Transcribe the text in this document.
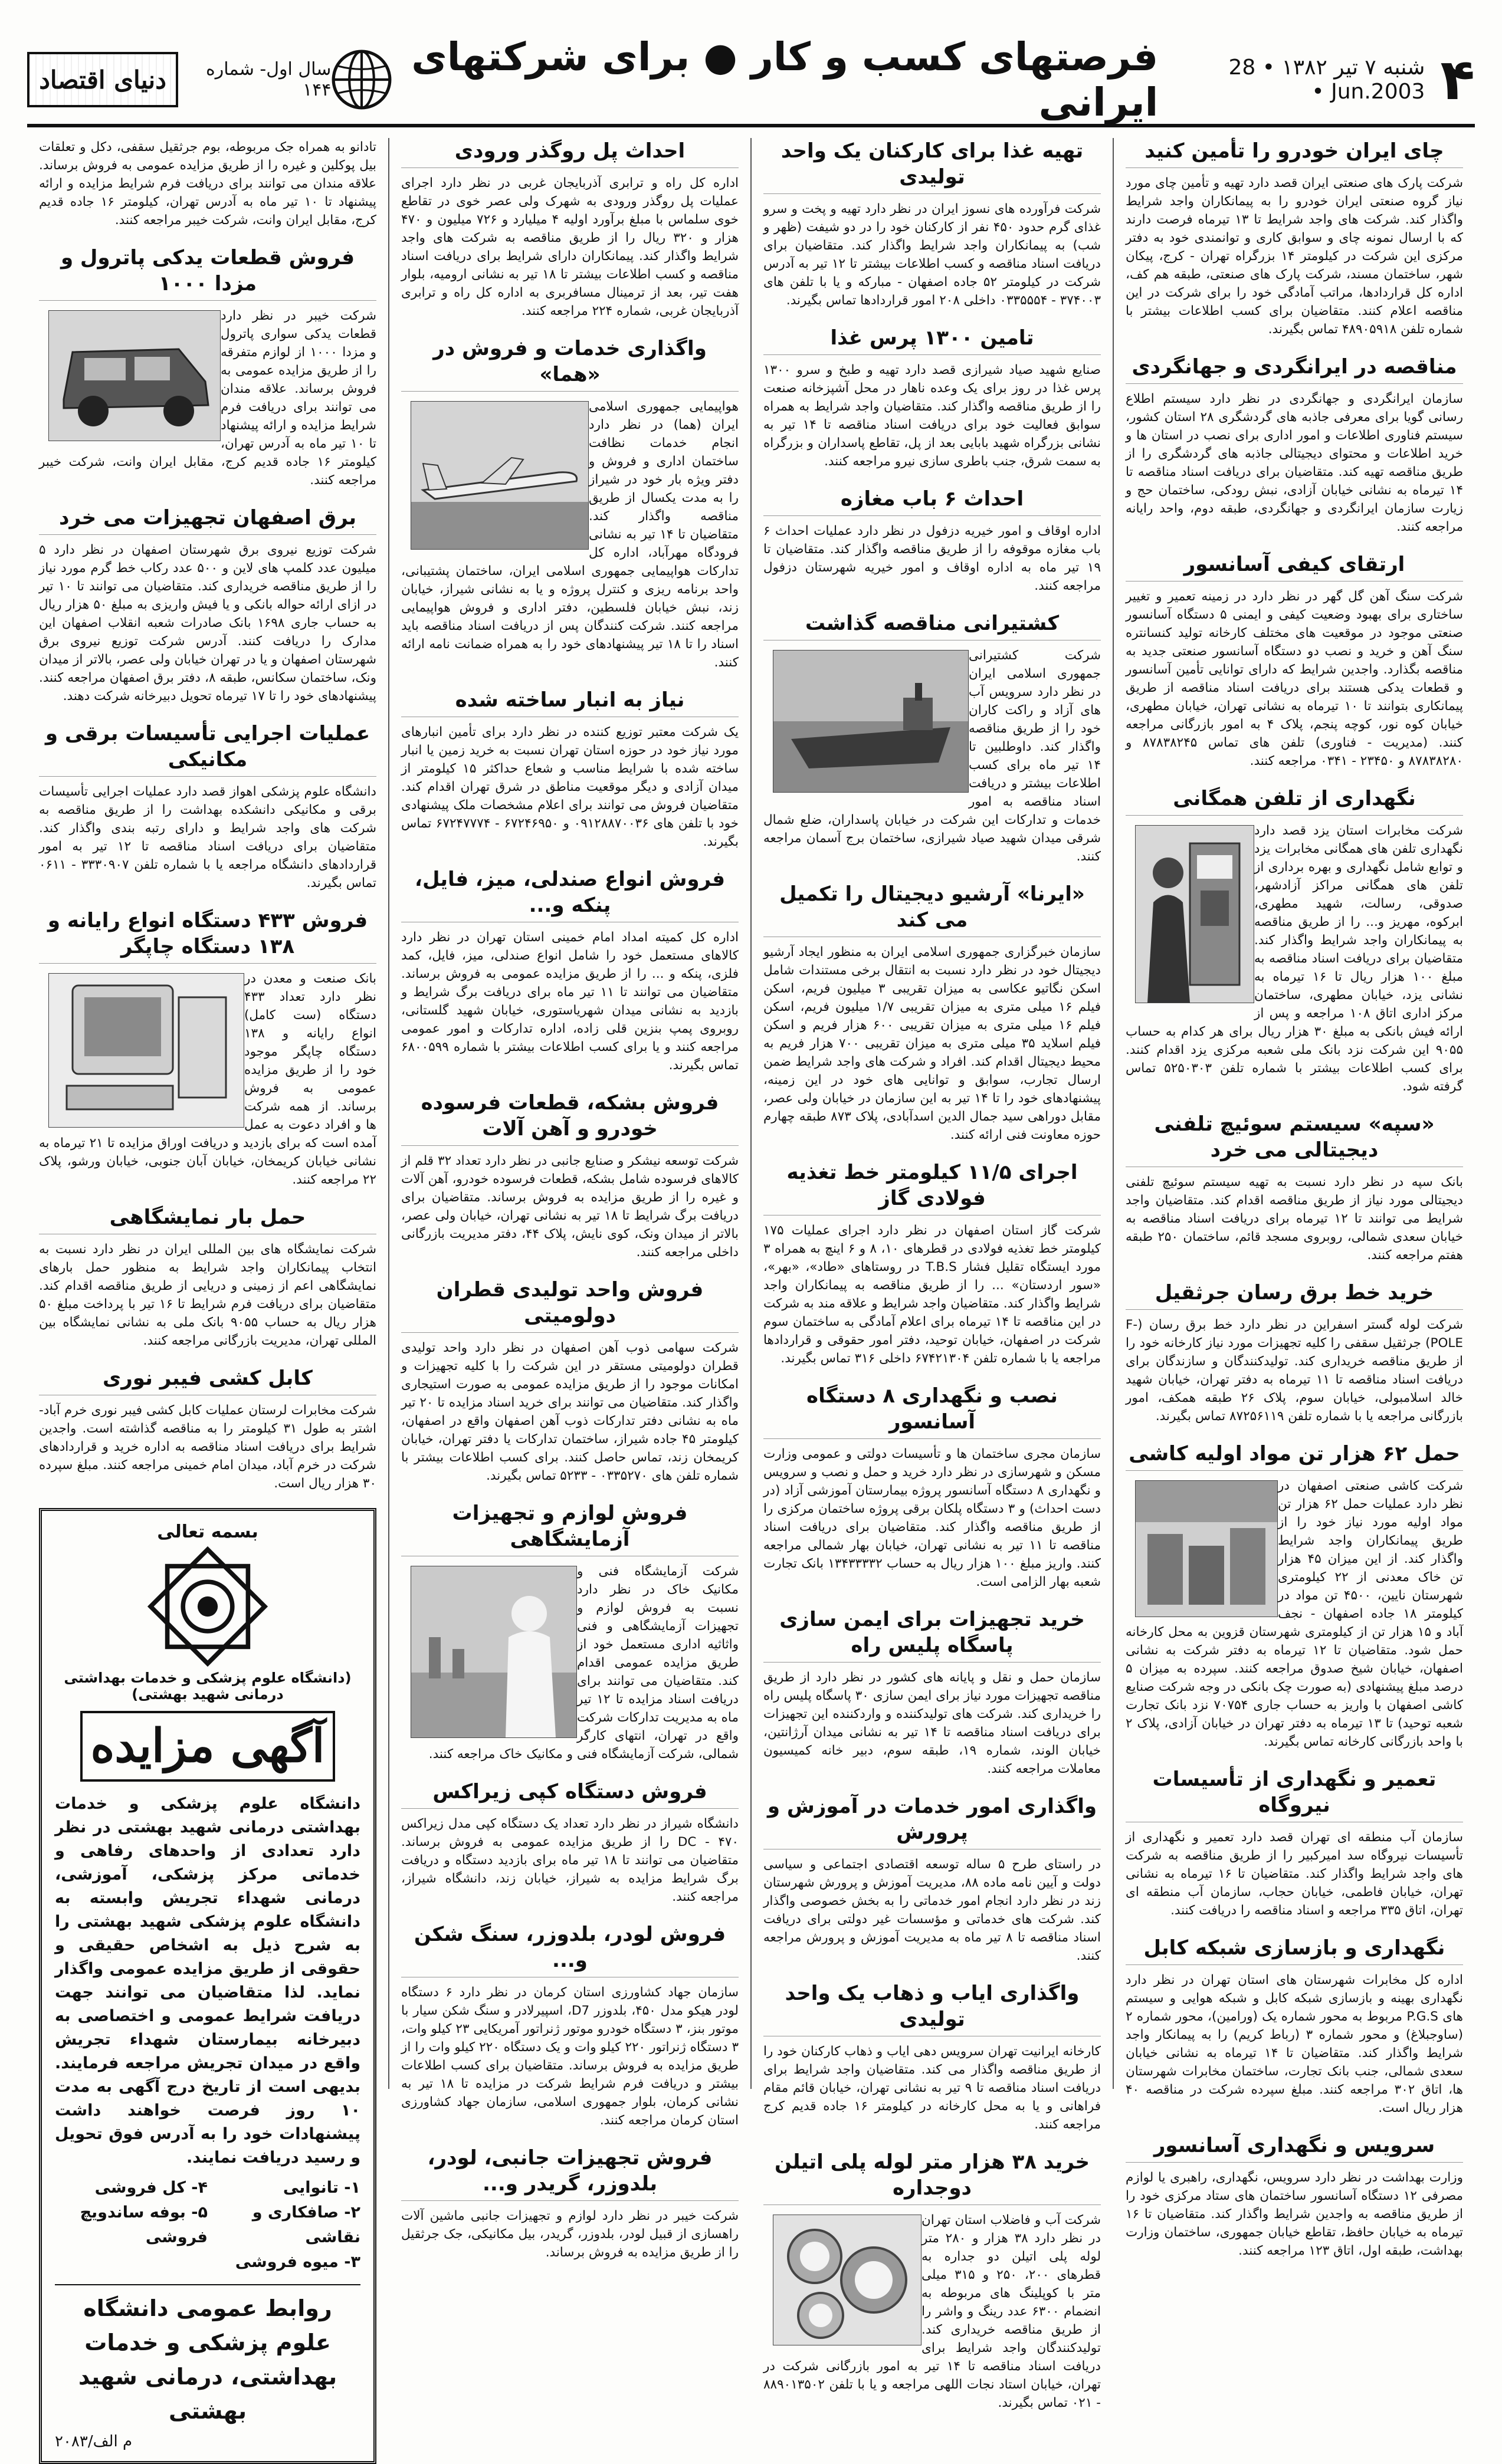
۴
شنبه ۷ تیر ۱۳۸۲ • 28 Jun.2003 •
فرصتهای کسب و کار ● برای شرکتهای ایرانی
سال اول- شماره ۱۴۴
دنیای اقتصاد
چای ایران خودرو را تأمین کنید

شرکت پارک های صنعتی ایران قصد دارد تهیه و تأمین چای مورد نیاز گروه صنعتی ایران خودرو را به پیمانکاران واجد شرایط واگذار کند. شرکت های واجد شرایط تا ۱۳ تیرماه فرصت دارند که با ارسال نمونه چای و سوابق کاری و توانمندی خود به دفتر مرکزی این شرکت در کیلومتر ۱۴ بزرگراه تهران - کرج، پیکان شهر، ساختمان مسند، شرکت پارک های صنعتی، طبقه هم کف، اداره کل قراردادها، مراتب آمادگی خود را برای شرکت در این مناقصه اعلام کنند. متقاضیان برای کسب اطلاعات بیشتر با شماره تلفن ۴۸۹۰۵۹۱۸ تماس بگیرند.

مناقصه در ایرانگردی و جهانگردی

سازمان ایرانگردی و جهانگردی در نظر دارد سیستم اطلاع رسانی گویا برای معرفی جاذبه های گردشگری ۲۸ استان کشور، سیستم فناوری اطلاعات و امور اداری برای نصب در استان ها و خرید اطلاعات و محتوای دیجیتالی جاذبه های گردشگری را از طریق مناقصه تهیه کند. متقاضیان برای دریافت اسناد مناقصه تا ۱۴ تیرماه به نشانی خیابان آزادی، نبش رودکی، ساختمان حج و زیارت سازمان ایرانگردی و جهانگردی، طبقه دوم، واحد رایانه مراجعه کنند.

ارتقای کیفی آسانسور

شرکت سنگ آهن گل گهر در نظر دارد در زمینه تعمیر و تغییر ساختاری برای بهبود وضعیت کیفی و ایمنی ۵ دستگاه آسانسور صنعتی موجود در موقعیت های مختلف کارخانه تولید کنسانتره سنگ آهن و خرید و نصب دو دستگاه آسانسور صنعتی جدید به مناقصه بگذارد. واجدین شرایط که دارای توانایی تأمین آسانسور و قطعات یدکی هستند برای دریافت اسناد مناقصه از طریق پیمانکاری بتوانند تا ۱۰ تیرماه به نشانی تهران، خیابان مطهری، خیابان کوه نور، کوچه پنجم، پلاک ۴ به امور بازرگانی مراجعه کنند. (مدیریت - فناوری) تلفن های تماس ۸۷۸۳۸۲۴۵ و ۸۷۸۳۸۲۸۰ و ۲۳۴۵۰ - ۰۳۴۱ مراجعه کنند.

نگهداری از تلفن همگانی

شرکت مخابرات استان یزد قصد دارد نگهداری تلفن های همگانی مخابرات یزد و توابع شامل نگهداری و بهره برداری از تلفن های همگانی مراکز آزادشهر، صدوقی، رسالت، شهید مطهری، ابرکوه، مهریز و... را از طریق مناقصه به پیمانکاران واجد شرایط واگذار کند. متقاضیان برای دریافت اسناد مناقصه به مبلغ ۱۰۰ هزار ریال تا ۱۶ تیرماه به نشانی یزد، خیابان مطهری، ساختمان مرکز اداری اتاق ۱۰۸ مراجعه و پس از ارائه فیش بانکی به مبلغ ۳۰ هزار ریال برای هر کدام به حساب ۹۰۵۵ این شرکت نزد بانک ملی شعبه مرکزی یزد اقدام کنند. برای کسب اطلاعات بیشتر با شماره تلفن ۵۲۵۰۳۰۳ تماس گرفته شود.

«سپه» سیستم سوئیچ تلفنی دیجیتالی می خرد

بانک سپه در نظر دارد نسبت به تهیه سیستم سوئیچ تلفنی دیجیتالی مورد نیاز از طریق مناقصه اقدام کند. متقاضیان واجد شرایط می توانند تا ۱۲ تیرماه برای دریافت اسناد مناقصه به خیابان سعدی شمالی، روبروی مسجد قائم، ساختمان ۲۵۰ طبقه هفتم مراجعه کنند.

خرید خط برق رسان جرثقیل

شرکت لوله گستر اسفراین در نظر دارد خط برق رسان (F-POLE) جرثقیل سقفی را کلیه تجهیزات مورد نیاز کارخانه خود را از طریق مناقصه خریداری کند. تولیدکنندگان و سازندگان برای دریافت اسناد مناقصه تا ۱۱ تیرماه به دفتر تهران، خیابان شهید خالد اسلامبولی، خیابان سوم، پلاک ۲۶ طبقه همکف، امور بازرگانی مراجعه یا با شماره تلفن ۸۷۲۵۶۱۱۹ تماس بگیرند.

حمل ۶۲ هزار تن مواد اولیه کاشی

شرکت کاشی صنعتی اصفهان در نظر دارد عملیات حمل ۶۲ هزار تن مواد اولیه مورد نیاز خود را از طریق پیمانکاران واجد شرایط واگذار کند. از این میزان ۴۵ هزار تن خاک معدنی از ۲۲ کیلومتری شهرستان نایین، ۴۵۰۰ تن مواد در کیلومتر ۱۸ جاده اصفهان - نجف آباد و ۱۵ هزار تن از کیلومتری شهرستان قزوین به محل کارخانه حمل شود. متقاضیان تا ۱۲ تیرماه به دفتر شرکت به نشانی اصفهان، خیابان شیخ صدوق مراجعه کنند. سپرده به میزان ۵ درصد مبلغ پیشنهادی (به صورت چک بانکی در وجه شرکت صنایع کاشی اصفهان با واریز به حساب جاری ۷۰۷۵۴ نزد بانک تجارت شعبه توحید) تا ۱۳ تیرماه به دفتر تهران در خیابان آزادی، پلاک ۲ با واحد بازرگانی کارخانه تماس بگیرند.

تعمیر و نگهداری از تأسیسات نیروگاه

سازمان آب منطقه ای تهران قصد دارد تعمیر و نگهداری از تأسیسات نیروگاه سد امیرکبیر را از طریق مناقصه به شرکت های واجد شرایط واگذار کند. متقاضیان تا ۱۶ تیرماه به نشانی تهران، خیابان فاطمی، خیابان حجاب، سازمان آب منطقه ای تهران، اتاق ۳۳۵ مراجعه و اسناد مناقصه را دریافت کنند.

نگهداری و بازسازی شبکه کابل

اداره کل مخابرات شهرستان های استان تهران در نظر دارد نگهداری بهینه و بازسازی شبکه کابل و شبکه هوایی و سیستم های P.G.S مربوط به محور شماره یک (ورامین)، محور شماره ۲ (ساوجبلاغ) و محور شماره ۳ (رباط کریم) را به پیمانکار واجد شرایط واگذار کند. متقاضیان تا ۱۴ تیرماه به نشانی خیابان سعدی شمالی، جنب بانک تجارت، ساختمان مخابرات شهرستان ها، اتاق ۳۰۲ مراجعه کنند. مبلغ سپرده شرکت در مناقصه ۴۰ هزار ریال است.

سرویس و نگهداری آسانسور

وزارت بهداشت در نظر دارد سرویس، نگهداری، راهبری یا لوازم مصرفی ۱۲ دستگاه آسانسور ساختمان های ستاد مرکزی خود را از طریق مناقصه به واجدین شرایط واگذار کند. متقاضیان تا ۱۶ تیرماه به خیابان حافظ، تقاطع خیابان جمهوری، ساختمان وزارت بهداشت، طبقه اول، اتاق ۱۲۳ مراجعه کنند.

تهیه غذا برای کارکنان یک واحد تولیدی

شرکت فرآورده های نسوز ایران در نظر دارد تهیه و پخت و سرو غذای گرم حدود ۴۵۰ نفر از کارکنان خود را در دو شیفت (ظهر و شب) به پیمانکاران واجد شرایط واگذار کند. متقاضیان برای دریافت اسناد مناقصه و کسب اطلاعات بیشتر تا ۱۲ تیر به آدرس شرکت در کیلومتر ۵۲ جاده اصفهان - مبارکه و یا با تلفن های ۳۷۴۰۰۳ - ۰۳۳۵۵۵۴ داخلی ۲۰۸ امور قراردادها تماس بگیرند.

تامین ۱۳۰۰ پرس غذا

صنایع شهید صیاد شیرازی قصد دارد تهیه و طبخ و سرو ۱۳۰۰ پرس غذا در روز برای یک وعده ناهار در محل آشپزخانه صنعت را از طریق مناقصه واگذار کند. متقاضیان واجد شرایط به همراه سوابق فعالیت خود برای دریافت اسناد مناقصه تا ۱۴ تیر به نشانی بزرگراه شهید بابایی بعد از پل، تقاطع پاسداران و بزرگراه به سمت شرق، جنب باطری سازی نیرو مراجعه کنند.

احداث ۶ باب مغازه

اداره اوقاف و امور خیریه دزفول در نظر دارد عملیات احداث ۶ باب مغازه موقوفه را از طریق مناقصه واگذار کند. متقاضیان تا ۱۹ تیر ماه به اداره اوقاف و امور خیریه شهرستان دزفول مراجعه کنند.

کشتیرانی مناقصه گذاشت

شرکت کشتیرانی جمهوری اسلامی ایران در نظر دارد سرویس آب های آزاد و راکت کاران خود را از طریق مناقصه واگذار کند. داوطلبین تا ۱۴ تیر ماه برای کسب اطلاعات بیشتر و دریافت اسناد مناقصه به امور خدمات و تدارکات این شرکت در خیابان پاسداران، ضلع شمال شرقی میدان شهید صیاد شیرازی، ساختمان برج آسمان مراجعه کنند.

«ایرنا» آرشیو دیجیتال را تکمیل می کند

سازمان خبرگزاری جمهوری اسلامی ایران به منظور ایجاد آرشیو دیجیتال خود در نظر دارد نسبت به انتقال برخی مستندات شامل اسکن نگاتیو عکاسی به میزان تقریبی ۳ میلیون فریم، اسکن فیلم ۱۶ میلی متری به میزان تقریبی ۱/۷ میلیون فریم، اسکن فیلم ۱۶ میلی متری به میزان تقریبی ۶۰۰ هزار فریم و اسکن فیلم اسلاید ۳۵ میلی متری به میزان تقریبی ۷۰۰ هزار فریم به محیط دیجیتال اقدام کند. افراد و شرکت های واجد شرایط ضمن ارسال تجارب، سوابق و توانایی های خود در این زمینه، پیشنهادهای خود را تا ۱۴ تیر به این سازمان در خیابان ولی عصر، مقابل دوراهی سید جمال الدین اسدآبادی، پلاک ۸۷۳ طبقه چهارم حوزه معاونت فنی ارائه کنند.

اجرای ۱۱/۵ کیلومتر خط تغذیه فولادی گاز

شرکت گاز استان اصفهان در نظر دارد اجرای عملیات ۱۷۵ کیلومتر خط تغذیه فولادی در قطرهای ۱۰، ۸ و ۶ اینچ به همراه ۳ مورد ایستگاه تقلیل فشار T.B.S در روستاهای «طاد»، «بهر»، «سور اردستان» ... را از طریق مناقصه به پیمانکاران واجد شرایط واگذار کند. متقاضیان واجد شرایط و علاقه مند به شرکت در این مناقصه تا ۱۴ تیرماه برای اعلام آمادگی به ساختمان سوم شرکت در اصفهان، خیابان توحید، دفتر امور حقوقی و قراردادها مراجعه یا با شماره تلفن ۶۷۴۲۱۳۰۴ داخلی ۳۱۶ تماس بگیرند.

نصب و نگهداری ۸ دستگاه آسانسور

سازمان مجری ساختمان ها و تأسیسات دولتی و عمومی وزارت مسکن و شهرسازی در نظر دارد خرید و حمل و نصب و سرویس و نگهداری ۸ دستگاه آسانسور پروژه بیمارستان آموزشی آزاد (در دست احداث) و ۳ دستگاه پلکان برقی پروژه ساختمان مرکزی را از طریق مناقصه واگذار کند. متقاضیان برای دریافت اسناد مناقصه تا ۱۱ تیر به نشانی تهران، خیابان بهار شمالی مراجعه کنند. واریز مبلغ ۱۰۰ هزار ریال به حساب ۱۳۴۳۳۳۳۲ بانک تجارت شعبه بهار الزامی است.

خرید تجهیزات برای ایمن سازی پاسگاه پلیس راه

سازمان حمل و نقل و پایانه های کشور در نظر دارد از طریق مناقصه تجهیزات مورد نیاز برای ایمن سازی ۳۰ پاسگاه پلیس راه را خریداری کند. شرکت های تولیدکننده و واردکننده این تجهیزات برای دریافت اسناد مناقصه تا ۱۴ تیر به نشانی میدان آرژانتین، خیابان الوند، شماره ۱۹، طبقه سوم، دبیر خانه کمیسیون معاملات مراجعه کنند.

واگذاری امور خدمات در آموزش و پرورش

در راستای طرح ۵ ساله توسعه اقتصادی اجتماعی و سیاسی دولت و آیین نامه ماده ۸۸، مدیریت آموزش و پرورش شهرستان زند در نظر دارد انجام امور خدماتی را به بخش خصوصی واگذار کند. شرکت های خدماتی و مؤسسات غیر دولتی برای دریافت اسناد مناقصه تا ۸ تیر ماه به مدیریت آموزش و پرورش مراجعه کنند.

واگذاری ایاب و ذهاب یک واحد تولیدی

کارخانه ایرانیت تهران سرویس دهی ایاب و ذهاب کارکنان خود را از طریق مناقصه واگذار می کند. متقاضیان واجد شرایط برای دریافت اسناد مناقصه تا ۹ تیر به نشانی تهران، خیابان قائم مقام فراهانی و یا به محل کارخانه در کیلومتر ۱۶ جاده قدیم کرج مراجعه کنند.

خرید ۳۸ هزار متر لوله پلی اتیلن دوجداره

شرکت آب و فاضلاب استان تهران در نظر دارد ۳۸ هزار و ۲۸۰ متر لوله پلی اتیلن دو جداره به قطرهای ۲۰۰، ۲۵۰ و ۳۱۵ میلی متر با کوپلینگ های مربوطه به انضمام ۶۳۰۰ عدد رینگ و واشر را از طریق مناقصه خریداری کند. تولیدکنندگان واجد شرایط برای دریافت اسناد مناقصه تا ۱۴ تیر به امور بازرگانی شرکت در تهران، خیابان استاد نجات اللهی مراجعه و یا با تلفن ۸۸۹۰۱۳۵۰۲ - ۰۲۱ تماس بگیرند.

احداث پل روگذر ورودی

اداره کل راه و ترابری آذربایجان غربی در نظر دارد اجرای عملیات پل روگذر ورودی به شهرک ولی عصر خوی در تقاطع خوی سلماس با مبلغ برآورد اولیه ۴ میلیارد و ۷۲۶ میلیون و ۴۷۰ هزار و ۳۲۰ ریال را از طریق مناقصه به شرکت های واجد شرایط واگذار کند. پیمانکاران دارای شرایط برای دریافت اسناد مناقصه و کسب اطلاعات بیشتر تا ۱۸ تیر به نشانی ارومیه، بلوار هفت تیر، بعد از ترمینال مسافربری به اداره کل راه و ترابری آذربایجان غربی، شماره ۲۲۴ مراجعه کنند.

واگذاری خدمات و فروش در «هما»

هواپیمایی جمهوری اسلامی ایران (هما) در نظر دارد انجام خدمات نظافت ساختمان اداری و فروش و دفتر ویژه بار خود در شیراز را به مدت یکسال از طریق مناقصه واگذار کند. متقاضیان تا ۱۴ تیر به نشانی فرودگاه مهرآباد، اداره کل تدارکات هواپیمایی جمهوری اسلامی ایران، ساختمان پشتیبانی، واحد برنامه ریزی و کنترل پروژه و یا به نشانی شیراز، خیابان زند، نبش خیابان فلسطین، دفتر اداری و فروش هواپیمایی مراجعه کنند. شرکت کنندگان پس از دریافت اسناد مناقصه باید اسناد را تا ۱۸ تیر پیشنهادهای خود را به همراه ضمانت نامه ارائه کنند.

نیاز به انبار ساخته شده

یک شرکت معتبر توزیع کننده در نظر دارد برای تأمین انبارهای مورد نیاز خود در حوزه استان تهران نسبت به خرید زمین یا انبار ساخته شده با شرایط مناسب و شعاع حداکثر ۱۵ کیلومتر از میدان آزادی و دیگر موقعیت مناطق در شرق تهران اقدام کند. متقاضیان فروش می توانند برای اعلام مشخصات ملک پیشنهادی خود با تلفن های ۰۹۱۲۸۸۷۰۰۳۶ و ۶۷۲۴۶۹۵۰ - ۶۷۲۴۷۷۷۴ تماس بگیرند.

فروش انواع صندلی، میز، فایل، پنکه و...

اداره کل کمیته امداد امام خمینی استان تهران در نظر دارد کالاهای مستعمل خود را شامل انواع صندلی، میز، فایل، کمد فلزی، پنکه و ... را از طریق مزایده عمومی به فروش برساند. متقاضیان می توانند تا ۱۱ تیر ماه برای دریافت برگ شرایط و بازدید به نشانی میدان شهریاستوری، خیابان شهید گلستانی، روبروی پمپ بنزین قلی زاده، اداره تدارکات و امور عمومی مراجعه کنند و یا برای کسب اطلاعات بیشتر با شماره ۶۸۰۰۵۹۹ تماس بگیرند.

فروش بشکه، قطعات فرسوده خودرو و آهن آلات

شرکت توسعه نیشکر و صنایع جانبی در نظر دارد تعداد ۳۲ قلم از کالاهای فرسوده شامل بشکه، قطعات فرسوده خودرو، آهن آلات و غیره را از طریق مزایده به فروش برساند. متقاضیان برای دریافت برگ شرایط تا ۱۸ تیر به نشانی تهران، خیابان ولی عصر، بالاتر از میدان ونک، کوی نایش، پلاک ۴۴، دفتر مدیریت بازرگانی داخلی مراجعه کنند.

فروش واحد تولیدی قطران دولومیتی

شرکت سهامی ذوب آهن اصفهان در نظر دارد واحد تولیدی قطران دولومیتی مستقر در این شرکت را با کلیه تجهیزات و امکانات موجود را از طریق مزایده عمومی به صورت استیجاری واگذار کند. متقاضیان می توانند برای خرید اسناد مزایده تا ۲۰ تیر ماه به نشانی دفتر تدارکات ذوب آهن اصفهان واقع در اصفهان، کیلومتر ۴۵ جاده شیراز، ساختمان تدارکات یا دفتر تهران، خیابان کریمخان زند، تماس حاصل کنند. برای کسب اطلاعات بیشتر با شماره تلفن های ۰۳۳۵۲۷۰ - ۵۲۳۳ تماس بگیرند.

فروش لوازم و تجهیزات آزمایشگاهی

شرکت آزمایشگاه فنی و مکانیک خاک در نظر دارد نسبت به فروش لوازم و تجهیزات آزمایشگاهی و فنی واثاثیه اداری مستعمل خود از طریق مزایده عمومی اقدام کند. متقاضیان می توانند برای دریافت اسناد مزایده تا ۱۲ تیر ماه به مدیریت تدارکات شرکت واقع در تهران، انتهای کارگر شمالی، شرکت آزمایشگاه فنی و مکانیک خاک مراجعه کنند.

فروش دستگاه کپی زیراکس

دانشگاه شیراز در نظر دارد تعداد یک دستگاه کپی مدل زیراکس ۴۷۰ - DC را از طریق مزایده عمومی به فروش برساند. متقاضیان می توانند تا ۱۸ تیر ماه برای بازدید دستگاه و دریافت برگ شرایط مزایده به شیراز، خیابان زند، دانشگاه شیراز، مراجعه کنند.

فروش لودر، بلدوزر، سنگ شکن و...

سازمان جهاد کشاورزی استان کرمان در نظر دارد ۶ دستگاه لودر هیکو مدل ۴۵۰، بلدوزر D7، اسپیرلادر و سنگ شکن سیار با موتور بنز، ۳ دستگاه خودرو موتور ژنراتور آمریکایی ۲۳ کیلو وات، ۳ دستگاه ژنراتور ۲۲۰ کیلو وات و یک دستگاه ۲۲۰ کیلو وات را از طریق مزایده به فروش برساند. متقاضیان برای کسب اطلاعات بیشتر و دریافت فرم شرایط شرکت در مزایده تا ۱۸ تیر به نشانی کرمان، بلوار جمهوری اسلامی، سازمان جهاد کشاورزی استان کرمان مراجعه کنند.

فروش تجهیزات جانبی، لودر، بلدوزر، گریدر و...

شرکت خیبر در نظر دارد لوازم و تجهیزات جانبی ماشین آلات راهسازی از قبیل لودر، بلدوزر، گریدر، بیل مکانیکی، جک جرثقیل را از طریق مزایده به فروش برساند.

تادانو به همراه جک مربوطه، بوم جرثقیل سقفی، دکل و تعلقات بیل پوکلین و غیره را از طریق مزایده عمومی به فروش برساند. علاقه مندان می توانند برای دریافت فرم شرایط مزایده و ارائه پیشنهاد تا ۱۰ تیر ماه به آدرس تهران، کیلومتر ۱۶ جاده قدیم کرج، مقابل ایران وانت، شرکت خیبر مراجعه کنند.

فروش قطعات یدکی پاترول و مزدا ۱۰۰۰

شرکت خیبر در نظر دارد قطعات یدکی سواری پاترول و مزدا ۱۰۰۰ از لوازم متفرقه را از طریق مزایده عمومی به فروش برساند. علاقه مندان می توانند برای دریافت فرم شرایط مزایده و ارائه پیشنهاد تا ۱۰ تیر ماه به آدرس تهران، کیلومتر ۱۶ جاده قدیم کرج، مقابل ایران وانت، شرکت خیبر مراجعه کنند.

برق اصفهان تجهیزات می خرد

شرکت توزیع نیروی برق شهرستان اصفهان در نظر دارد ۵ میلیون عدد کلمپ های لاین و ۵۰۰ عدد رکاب خط گرم مورد نیاز را از طریق مناقصه خریداری کند. متقاضیان می توانند تا ۱۰ تیر در ازای ارائه حواله بانکی و یا فیش واریزی به مبلغ ۵۰ هزار ریال به حساب جاری ۱۶۹۸ بانک صادرات شعبه انقلاب اصفهان این مدارک را دریافت کنند. آدرس شرکت توزیع نیروی برق شهرستان اصفهان و یا در تهران خیابان ولی عصر، بالاتر از میدان ونک، ساختمان سکانس، طبقه ۸، دفتر برق اصفهان مراجعه کنند. پیشنهادهای خود را تا ۱۷ تیرماه تحویل دبیرخانه شرکت دهند.

عملیات اجرایی تأسیسات برقی و مکانیکی

دانشگاه علوم پزشکی اهواز قصد دارد عملیات اجرایی تأسیسات برقی و مکانیکی دانشکده بهداشت را از طریق مناقصه به شرکت های واجد شرایط و دارای رتبه بندی واگذار کند. متقاضیان برای دریافت اسناد مناقصه تا ۱۲ تیر به امور قراردادهای دانشگاه مراجعه یا با شماره تلفن ۳۳۳۰۹۰۷ - ۰۶۱۱ تماس بگیرند.

فروش ۴۳۳ دستگاه انواع رایانه و ۱۳۸ دستگاه چاپگر

بانک صنعت و معدن در نظر دارد تعداد ۴۳۳ دستگاه (ست کامل) انواع رایانه و ۱۳۸ دستگاه چاپگر موجود خود را از طریق مزایده عمومی به فروش برساند. از همه شرکت ها و افراد دعوت به عمل آمده است که برای بازدید و دریافت اوراق مزایده تا ۲۱ تیرماه به نشانی خیابان کریمخان، خیابان آبان جنوبی، خیابان ورشو، پلاک ۲۲ مراجعه کنند.

حمل بار نمایشگاهی

شرکت نمایشگاه های بین المللی ایران در نظر دارد نسبت به انتخاب پیمانکاران واجد شرایط به منظور حمل بارهای نمایشگاهی اعم از زمینی و دریایی از طریق مناقصه اقدام کند. متقاضیان برای دریافت فرم شرایط تا ۱۶ تیر با پرداخت مبلغ ۵۰ هزار ریال به حساب ۹۰۵۵ بانک ملی به نشانی نمایشگاه بین المللی تهران، مدیریت بازرگانی مراجعه کنند.

کابل کشی فیبر نوری

شرکت مخابرات لرستان عملیات کابل کشی فیبر نوری خرم آباد-اشتر به طول ۳۱ کیلومتر را به مناقصه گذاشته است. واجدین شرایط برای دریافت اسناد مناقصه به اداره خرید و قراردادهای شرکت در خرم آباد، میدان امام خمینی مراجعه کنند. مبلغ سپرده ۳۰ هزار ریال است.

بسمه تعالی
(دانشگاه علوم پزشکی و خدمات بهداشتی درمانی شهید بهشتی)
آگهی مزایده
دانشگاه علوم پزشکی و خدمات بهداشتی درمانی شهید بهشتی در نظر دارد تعدادی از واحدهای رفاهی و خدماتی مرکز پزشکی، آموزشی، درمانی شهداء تجریش وابسته به دانشگاه علوم پزشکی شهید بهشتی را به شرح ذیل به اشخاص حقیقی و حقوقی از طریق مزایده عمومی واگذار نماید. لذا متقاضیان می توانند جهت دریافت شرایط عمومی و اختصاصی به دبیرخانه بیمارستان شهداء تجریش واقع در میدان تجریش مراجعه فرمایند. بدیهی است از تاریخ درج آگهی به مدت ۱۰ روز فرصت خواهند داشت پیشنهادات خود را به آدرس فوق تحویل و رسید دریافت نمایند.
۱- تانوایی
۴- کل فروشی
۲- صافکاری و نقاشی
۵- بوفه ساندویچ فروشی
۳- میوه فروشی
روابط عمومی دانشگاه علوم پزشکی و خدمات بهداشتی، درمانی شهید بهشتی
۲۰۸۳/م الف
